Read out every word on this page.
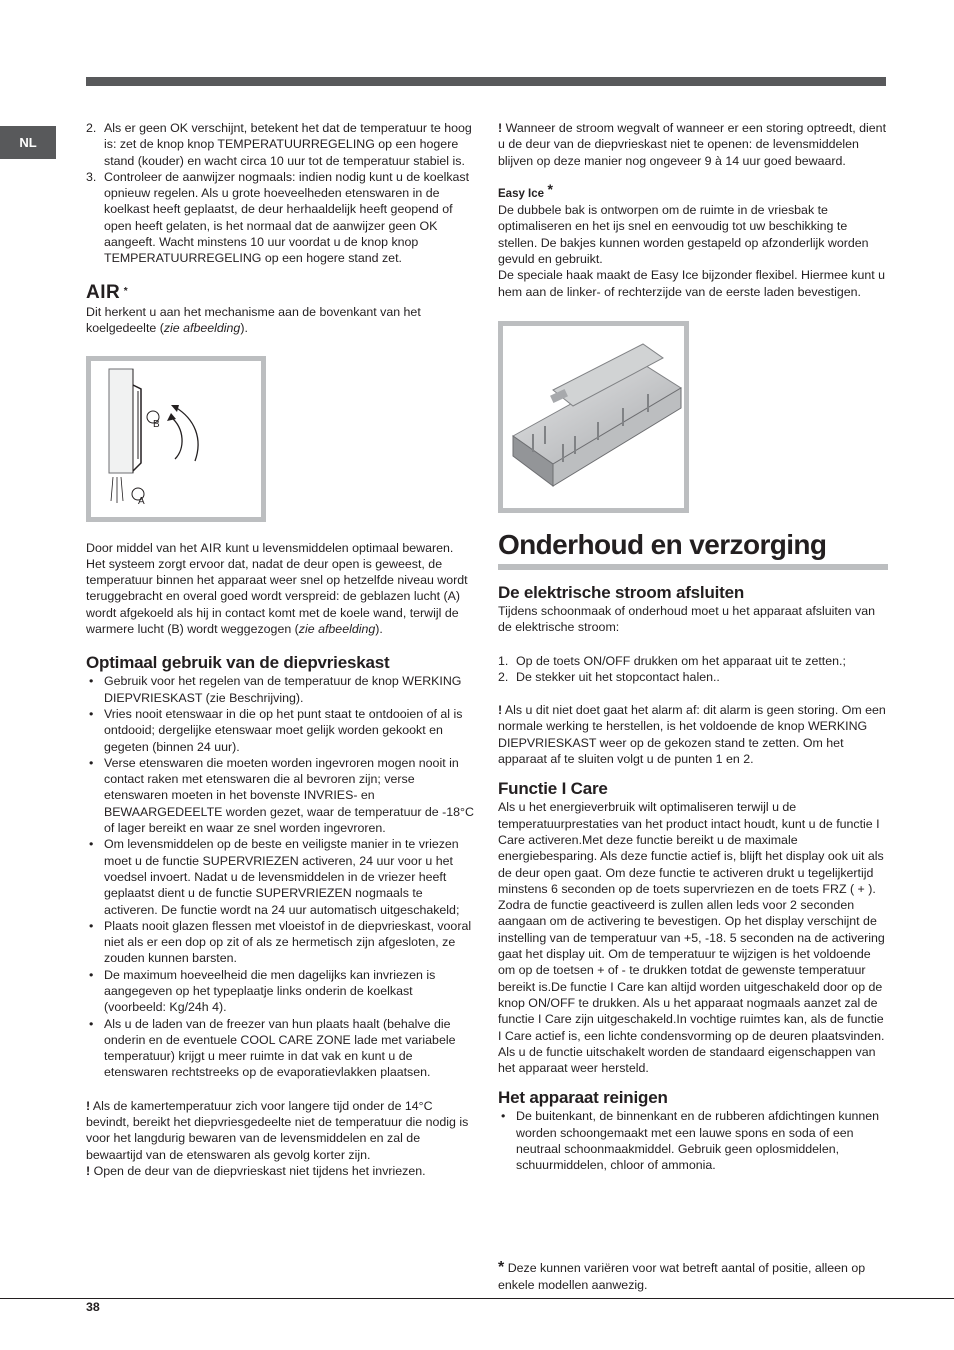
NL
2. Als er geen OK verschijnt, betekent het dat de temperatuur te hoog is: zet de knop knop TEMPERATUURREGELING op een hogere stand (kouder) en wacht circa 10 uur tot de temperatuur stabiel is.
3. Controleer de aanwijzer nogmaals: indien nodig kunt u de koelkast opnieuw regelen. Als u grote hoeveelheden etenswaren in de koelkast heeft geplaatst, de deur herhaaldelijk heeft geopend of open heeft gelaten, is het normaal dat de aanwijzer geen OK aangeeft. Wacht minstens 10 uur voordat u de knop knop TEMPERATUURREGELING op een hogere stand zet.
AIR *

Dit herkent u aan het mechanisme aan de bovenkant van het koelgedeelte (zie afbeelding).

B
A

Door middel van het AIR kunt u levensmiddelen optimaal bewaren. Het systeem zorgt ervoor dat, nadat de deur open is geweest, de temperatuur binnen het apparaat weer snel op hetzelfde niveau wordt teruggebracht en overal goed wordt verspreid: de geblazen lucht (A) wordt afgekoeld als hij in contact komt met de koele wand, terwijl de warmere lucht (B) wordt weggezogen (zie afbeelding).

Optimaal gebruik van de diepvrieskast
• Gebruik voor het regelen van de temperatuur de knop WERKING DIEPVRIESKAST (zie Beschrijving).
• Vries nooit etenswaar in die op het punt staat te ontdooien of al is ontdooid; dergelijke etenswaar moet gelijk worden gekookt en gegeten (binnen 24 uur).
• Verse etenswaren die moeten worden ingevroren mogen nooit in contact raken met etenswaren die al bevroren zijn; verse etenswaren moeten in het bovenste INVRIES- en BEWAARGEDEELTE worden gezet, waar de temperatuur de -18°C of lager bereikt en waar ze snel worden ingevroren.
• Om levensmiddelen op de beste en veiligste manier in te vriezen moet u de functie SUPERVRIEZEN activeren, 24 uur voor u het voedsel invoert. Nadat u de levensmiddelen in de vriezer heeft geplaatst dient u de functie SUPERVRIEZEN nogmaals te activeren. De functie wordt na 24 uur automatisch uitgeschakeld;
• Plaats nooit glazen flessen met vloeistof in de diepvrieskast, vooral niet als er een dop op zit of als ze hermetisch zijn afgesloten, ze zouden kunnen barsten.
• De maximum hoeveelheid die men dagelijks kan invriezen is aangegeven op het typeplaatje links onderin de koelkast (voorbeeld: Kg/24h 4).
• Als u de laden van de freezer van hun plaats haalt (behalve die onderin en de eventuele COOL CARE ZONE lade met variabele temperatuur) krijgt u meer ruimte in dat vak en kunt u de etenswaren rechtstreeks op de evaporatievlakken plaatsen.

! Als de kamertemperatuur zich voor langere tijd onder de 14°C bevindt, bereikt het diepvriesgedeelte niet de temperatuur die nodig is voor het langdurig bewaren van de levensmiddelen en zal de bewaartijd van de etenswaren als gevolg korter zijn.

! Open de deur van de diepvrieskast niet tijdens het invriezen.

! Wanneer de stroom wegvalt of wanneer er een storing optreedt, dient u de deur van de diepvrieskast niet te openen: de levensmiddelen blijven op deze manier nog ongeveer 9 à 14 uur goed bewaard.

Easy Ice *

De dubbele bak is ontworpen om de ruimte in de vriesbak te optimaliseren en het ijs snel en eenvoudig tot uw beschikking te stellen. De bakjes kunnen worden gestapeld op afzonderlijk worden gevuld en gebruikt.

De speciale haak maakt de Easy Ice bijzonder flexibel. Hiermee kunt u hem aan de linker- of rechterzijde van de eerste laden bevestigen.

Onderhoud en verzorging
De elektrische stroom afsluiten

Tijdens schoonmaak of onderhoud moet u het apparaat afsluiten van de elektrische stroom:

1. Op de toets ON/OFF drukken om het apparaat uit te zetten.;
2. De stekker uit het stopcontact halen..

! Als u dit niet doet gaat het alarm af: dit alarm is geen storing. Om een normale werking te herstellen, is het voldoende de knop WERKING DIEPVRIESKAST weer op de gekozen stand te zetten. Om het apparaat af te sluiten volgt u de punten 1 en 2.

Functie I Care

Als u het energieverbruik wilt optimaliseren terwijl u de temperatuurprestaties van het product intact houdt, kunt u de functie I Care activeren.Met deze functie bereikt u de maximale energiebesparing. Als deze functie actief is, blijft het display ook uit als de deur open gaat. Om deze functie te activeren drukt u tegelijkertijd minstens 6 seconden op de toets supervriezen en de toets FRZ ( + ). Zodra de functie geactiveerd is zullen allen leds voor 2 seconden aangaan om de activering te bevestigen. Op het display verschijnt de instelling van de temperatuur van +5, -18. 5 seconden na de activering gaat het display uit. Om de temperatuur te wijzigen is het voldoende om op de toetsen + of - te drukken totdat de gewenste temperatuur bereikt is.De functie I Care kan altijd worden uitgeschakeld door op de knop ON/OFF te drukken. Als u het apparaat nogmaals aanzet zal de functie I Care zijn uitgeschakeld.In vochtige ruimtes kan, als de functie I Care actief is, een lichte condensvorming op de deuren plaatsvinden. Als u de functie uitschakelt worden de standaard eigenschappen van het apparaat weer hersteld.

Het apparaat reinigen
• De buitenkant, de binnenkant en de rubberen afdichtingen kunnen worden schoongemaakt met een lauwe spons en soda of een neutraal schoonmaakmiddel. Gebruik geen oplosmiddelen, schuurmiddelen, chloor of ammonia.
* Deze kunnen variëren voor wat betreft aantal of positie, alleen op enkele modellen aanwezig.
38
